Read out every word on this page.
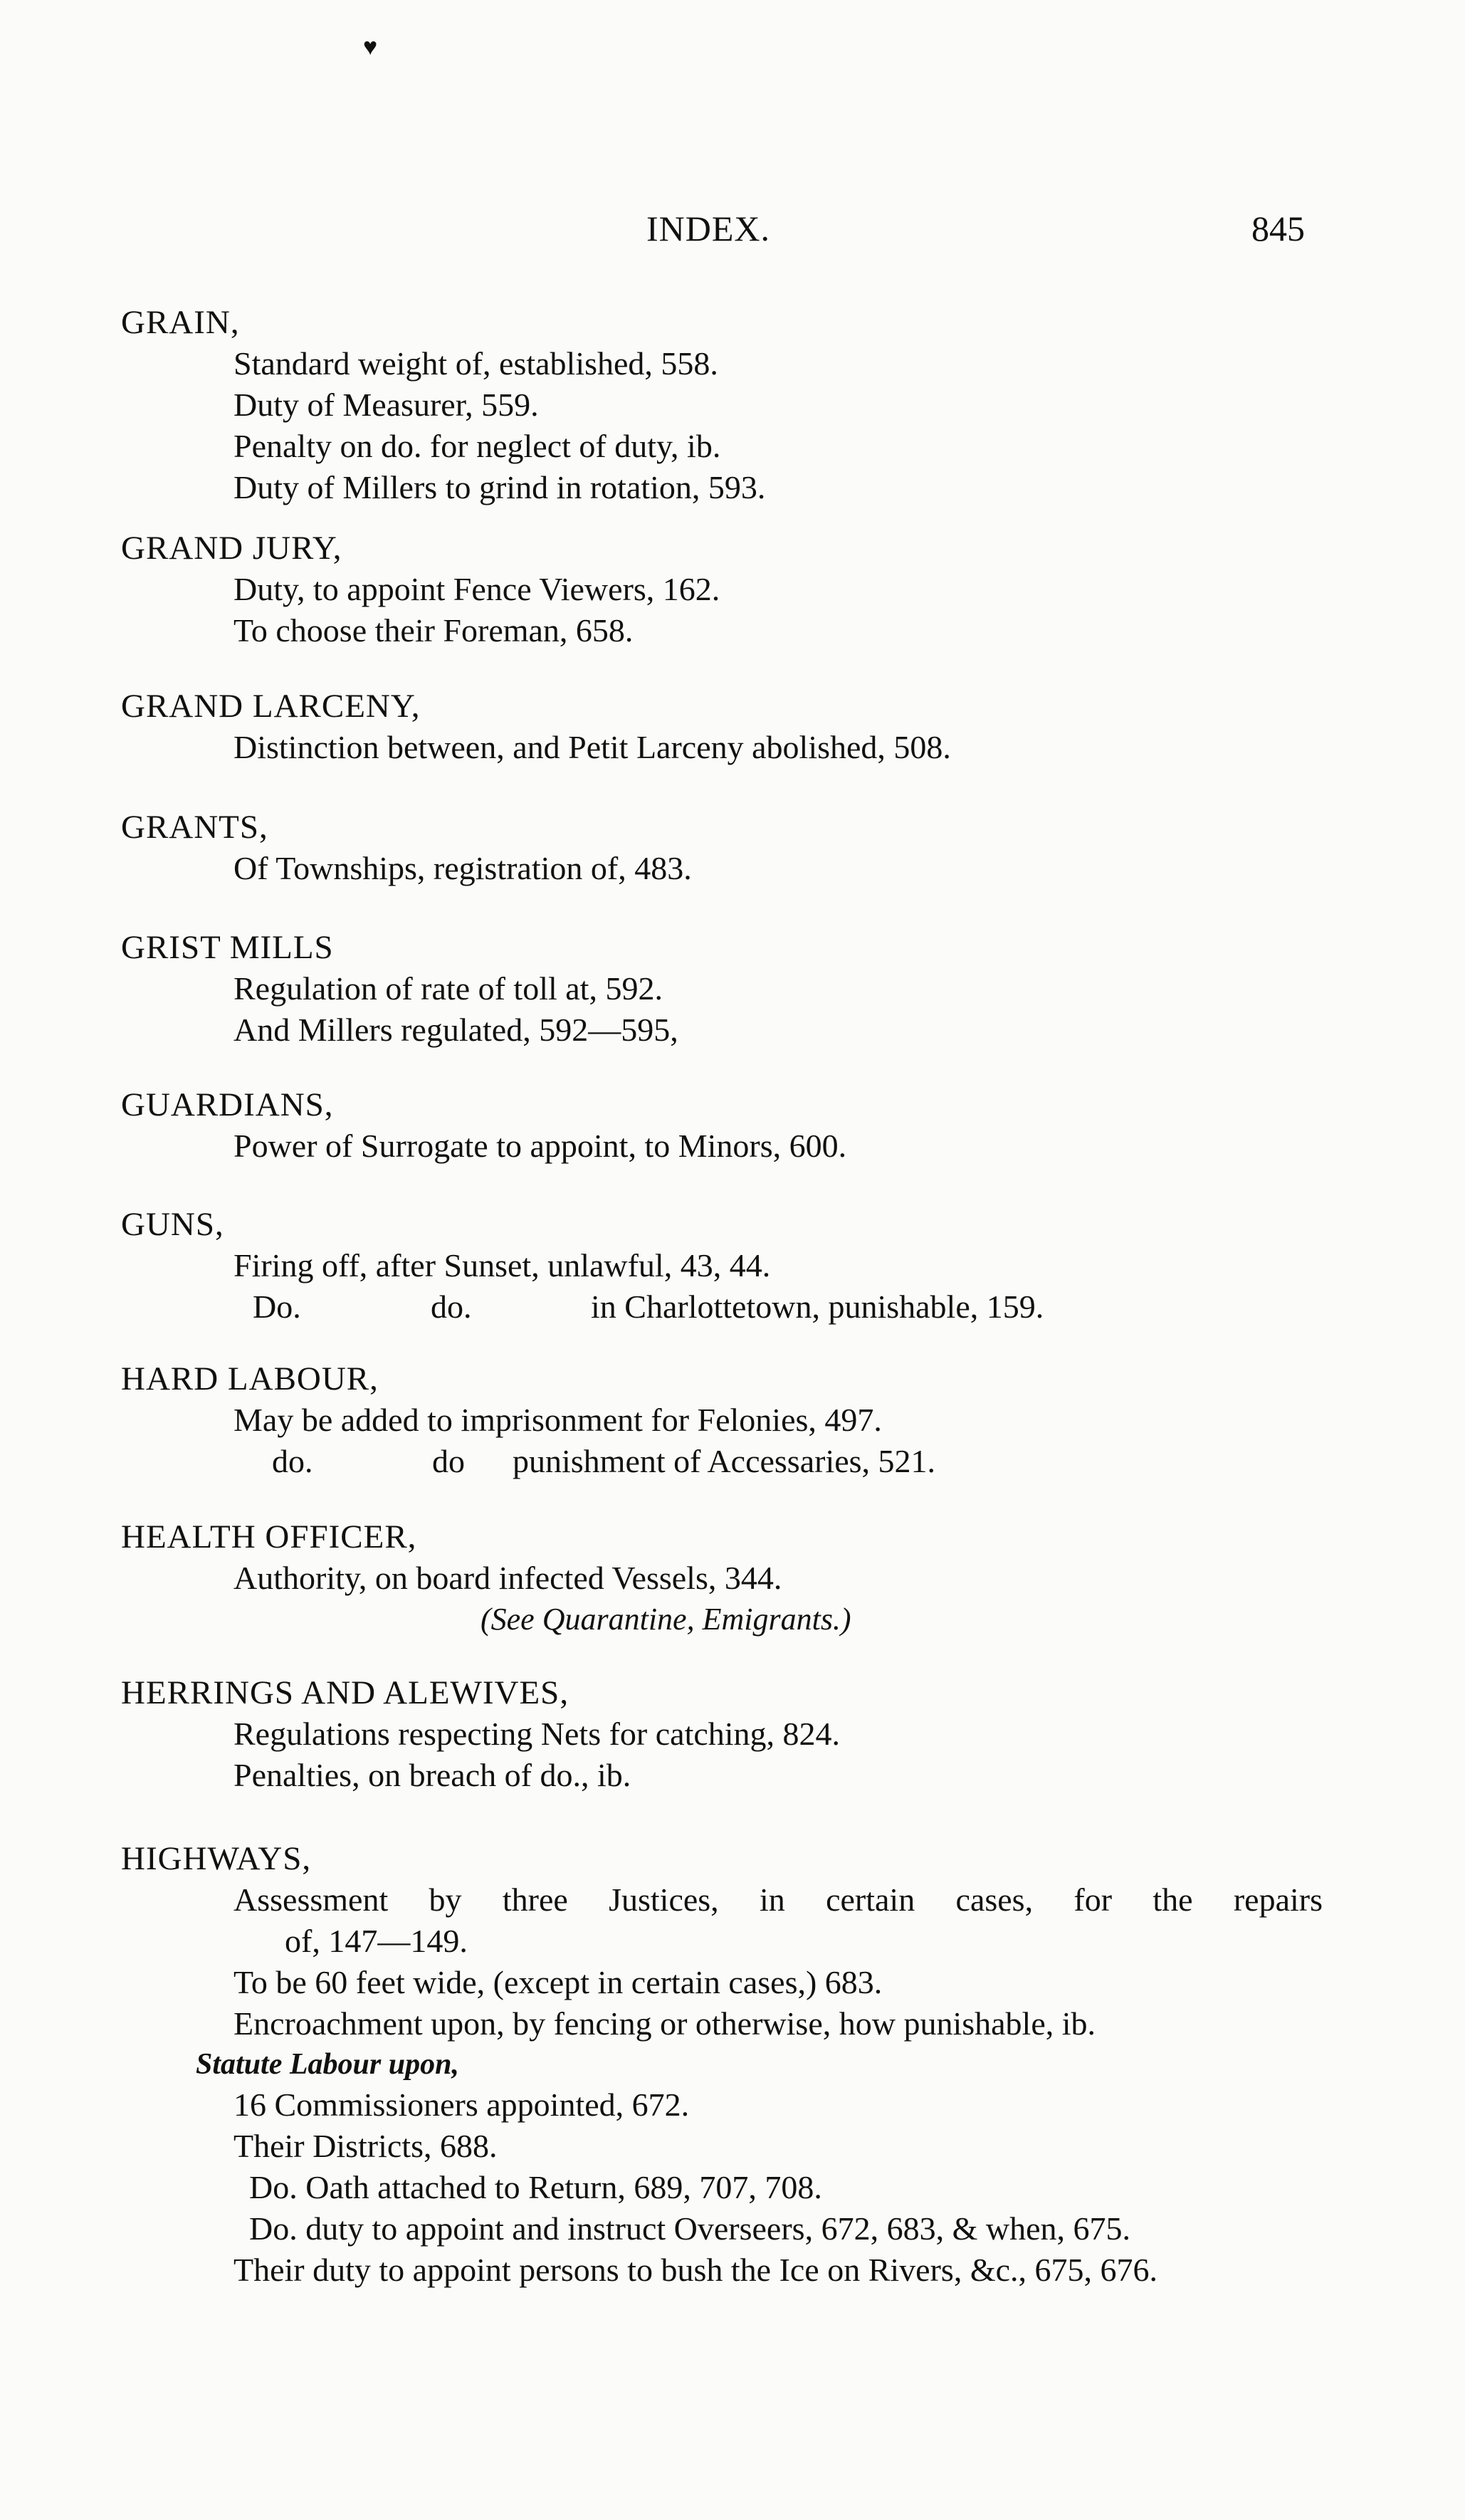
♥
INDEX.	845

GRAIN,

Standard weight of, established, 558.

Duty of Measurer, 559.

Penalty on do. for neglect of duty, ib.

Duty of Millers to grind in rotation, 593.

GRAND JURY,

Duty, to appoint Fence Viewers, 162.

To choose their Foreman, 658.

GRAND LARCENY,

Distinction between, and Petit Larceny abolished, 508.

GRANTS,

Of Townships, registration of, 483.

GRIST MILLS

Regulation of rate of toll at, 592.

And Millers regulated, 592—595,

GUARDIANS,

Power of Surrogate to appoint, to Minors, 600.

GUNS,

Firing off, after Sunset, unlawful, 43, 44.

Do.	do.	in Charlottetown, punishable, 159.

HARD LABOUR,

May be added to imprisonment for Felonies, 497.

do.	do punishment of Accessaries, 521.

HEALTH OFFICER,

Authority, on board infected Vessels, 344.

(See Quarantine, Emigrants.)

HERRINGS AND ALEWIVES,

Regulations respecting Nets for catching, 824.

Penalties, on breach of do., ib.

HIGHWAYS,

Assessment by three Justices, in certain cases, for the repairs

of, 147—149.

To be 60 feet wide, (except in certain cases,) 683.

Encroachment upon, by fencing or otherwise, how punishable, ib.

Statute Labour upon,

16 Commissioners appointed, 672.

Their Districts, 688.

Do. Oath attached to Return, 689, 707, 708.

Do. duty to appoint and instruct Overseers, 672, 683, & when, 675.

Their duty to appoint persons to bush the Ice on Rivers, &c., 675, 676.
